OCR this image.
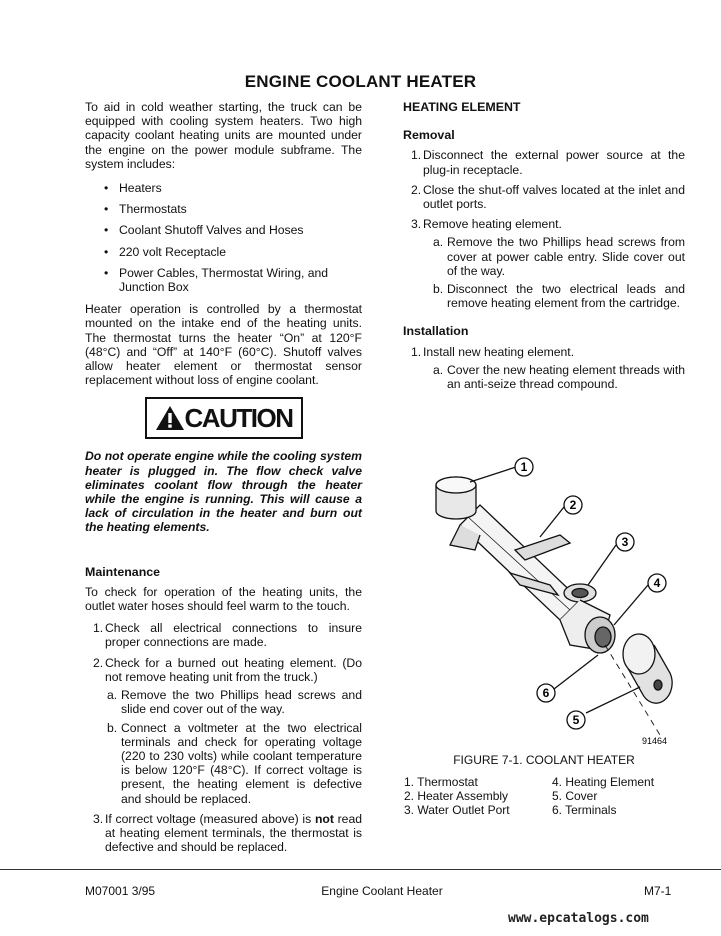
ENGINE COOLANT HEATER

To aid in cold weather starting, the truck can be equipped with cooling system heaters. Two high capacity coolant heating units are mounted under the engine on the power module subframe. The system includes:

• Heaters
• Thermostats
• Coolant Shutoff Valves and Hoses
• 220 volt Receptacle
• Power Cables, Thermostat Wiring, and Junction Box

Heater operation is controlled by a thermostat mounted on the intake end of the heating units. The thermostat turns the heater “On” at 120°F (48°C) and “Off” at 140°F (60°C). Shutoff valves allow heater element or thermostat sensor replacement without loss of engine coolant.

CAUTION

Do not operate engine while the cooling system heater is plugged in. The flow check valve eliminates coolant flow through the heater while the engine is running. This will cause a lack of circulation in the heater and burn out the heating elements.

Maintenance

To check for operation of the heating units, the outlet water hoses should feel warm to the touch.

1. Check all electrical connections to insure proper connections are made.

2. Check for a burned out heating element. (Do not remove heating unit from the truck.)

a. Remove the two Phillips head screws and slide end cover out of the way.

b. Connect a voltmeter at the two electrical terminals and check for operating voltage (220 to 230 volts) while coolant temperature is below 120°F (48°C). If correct voltage is present, the heating element is defective and should be replaced.

3. If correct voltage (measured above) is not read at heating element terminals, the thermostat is defective and should be replaced.

HEATING ELEMENT
Removal
1. Disconnect the external power source at the plug-in receptacle.

2. Close the shut-off valves located at the inlet and outlet ports.

3. Remove heating element.

a. Remove the two Phillips head screws from cover at power cable entry. Slide cover out of the way.

b. Disconnect the two electrical leads and remove heating element from the cartridge.

Installation
1. Install new heating element.

a. Cover the new heating element threads with an anti-seize thread compound.

1
2
3
4
5
6
91464
FIGURE 7-1. COOLANT HEATER
1. Thermostat
2. Heater Assembly
3. Water Outlet Port
4. Heating Element
5. Cover
6. Terminals
M07001 3/95	Engine Coolant Heater	M7-1
www.epcatalogs.com
